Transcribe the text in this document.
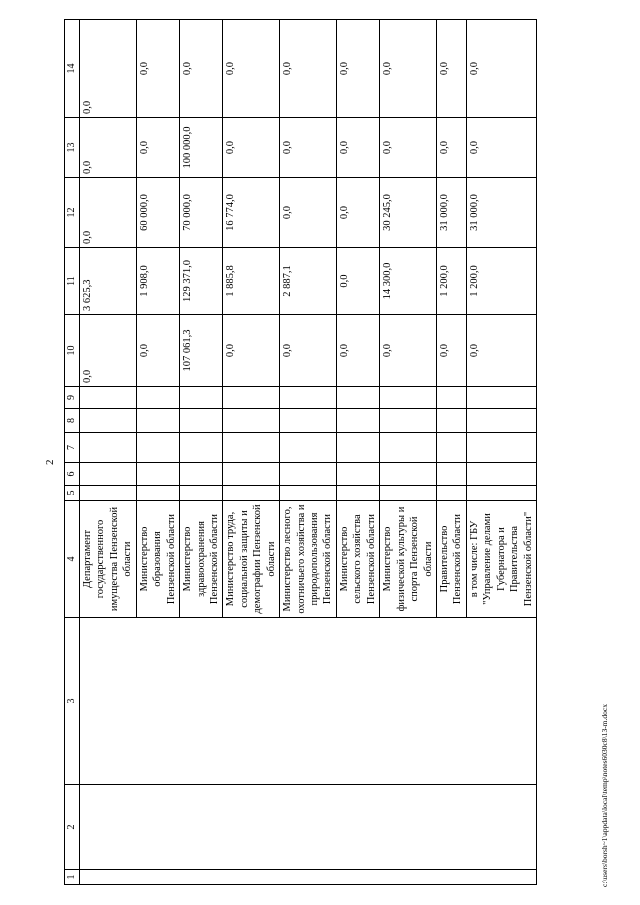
2
1	2	3	4	5	6	7	8	9	10	11	12	13	14
			Департамент государственного имущества Пензенской области						0,0	3 625,3	0,0	0,0	0,0
			Министерство образования Пензенской области						0,0	1 908,0	60 000,0	0,0	0,0
			Министерство здравоохранения Пензенской области						107 061,3	129 371,0	70 000,0	100 000,0	0,0
			Министерство труда, социальной защиты и демографии Пензенской области						0,0	1 885,8	16 774,0	0,0	0,0
			Министерство лесного, охотничьего хозяйства и природопользования Пензенской области						0,0	2 887,1	0,0	0,0	0,0
			Министерство сельского хозяйства Пензенской области						0,0	0,0	0,0	0,0	0,0
			Министерство физической культуры и спорта Пензенской области						0,0	14 300,0	30 245,0	0,0	0,0
			Правительство Пензенской области						0,0	1 200,0	31 000,0	0,0	0,0
			в том числе: ГБУ "Управление делами Губернатора и Правительства Пензенской области"						0,0	1 200,0	31 000,0	0,0	0,0
c:\users\borsh~1\appdata\local\temp\notes6030c8\13-m.docx
